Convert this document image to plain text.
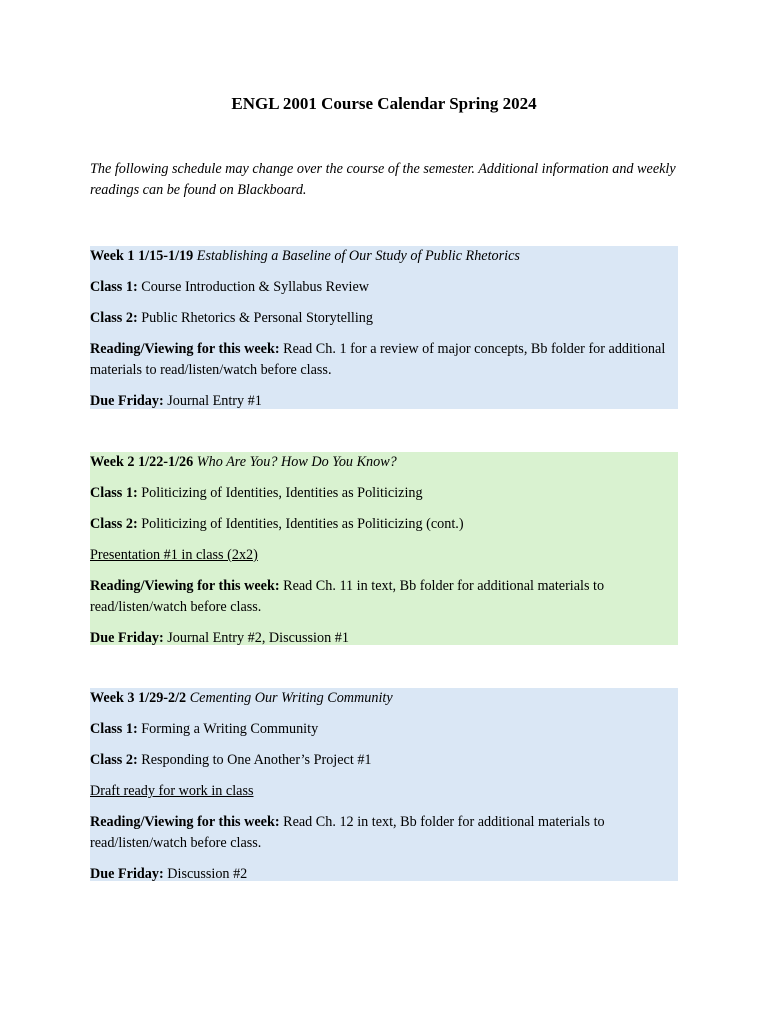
ENGL 2001 Course Calendar Spring 2024
The following schedule may change over the course of the semester. Additional information and weekly readings can be found on Blackboard.

Week 1 1/15-1/19 Establishing a Baseline of Our Study of Public Rhetorics

Class 1: Course Introduction & Syllabus Review

Class 2: Public Rhetorics & Personal Storytelling

Reading/Viewing for this week: Read Ch. 1 for a review of major concepts, Bb folder for additional materials to read/listen/watch before class.

Due Friday: Journal Entry #1

Week 2 1/22-1/26 Who Are You? How Do You Know?

Class 1: Politicizing of Identities, Identities as Politicizing

Class 2: Politicizing of Identities, Identities as Politicizing (cont.)

Presentation #1 in class (2x2)

Reading/Viewing for this week: Read Ch. 11 in text, Bb folder for additional materials to read/listen/watch before class.

Due Friday: Journal Entry #2, Discussion #1

Week 3 1/29-2/2 Cementing Our Writing Community

Class 1: Forming a Writing Community

Class 2: Responding to One Another’s Project #1

Draft ready for work in class

Reading/Viewing for this week: Read Ch. 12 in text, Bb folder for additional materials to read/listen/watch before class.

Due Friday: Discussion #2
